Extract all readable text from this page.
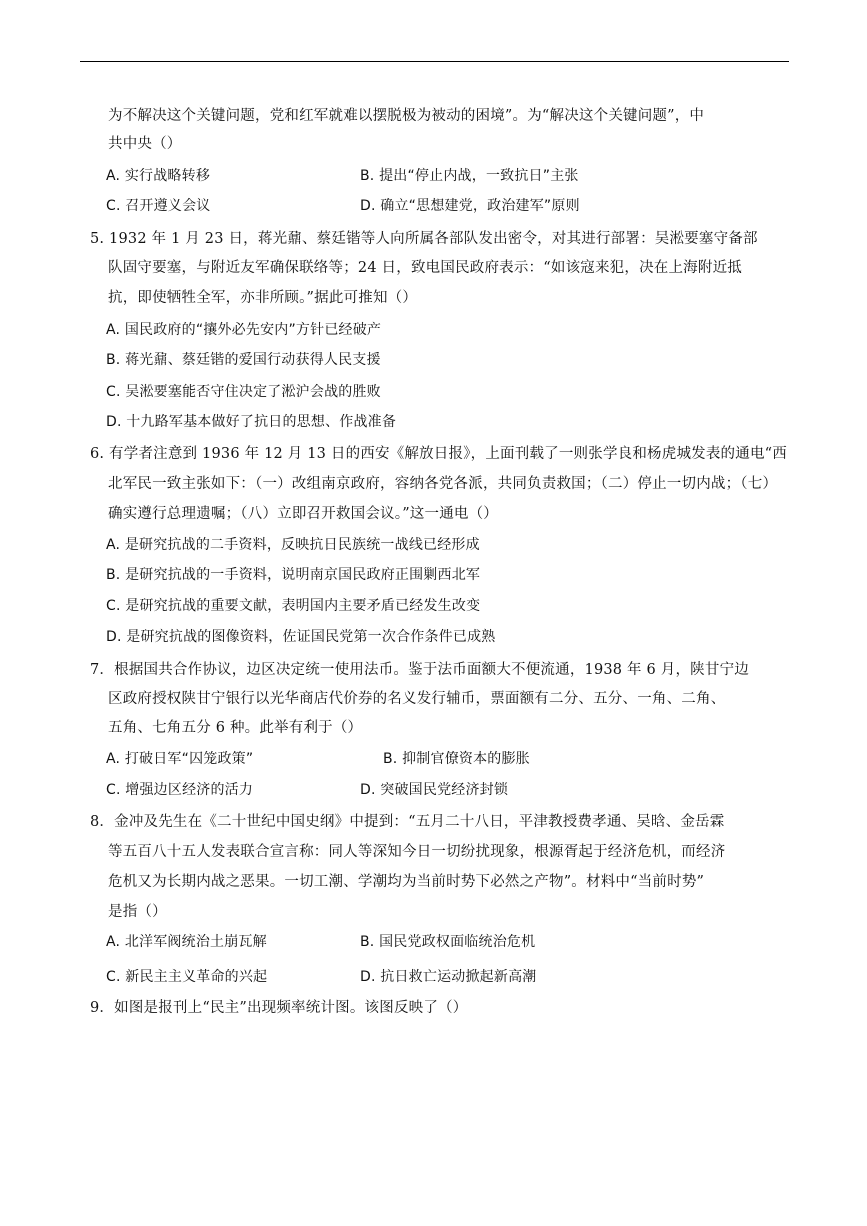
为不解决这个关键问题，党和红军就难以摆脱极为被动的困境”。为“解决这个关键问题”，中
共中央（）
A. 实行战略转移	B. 提出“停止内战，一致抗日”主张
C. 召开遵义会议	D. 确立“思想建党，政治建军”原则
5. 1932 年 1 月 23 日，蒋光鼐、蔡廷锴等人向所属各部队发出密令，对其进行部署：吴淞要塞守备部
队固守要塞，与附近友军确保联络等；24 日，致电国民政府表示：“如该寇来犯，决在上海附近抵
抗，即使牺牲全军，亦非所顾。”据此可推知（）
A. 国民政府的“攘外必先安内”方针已经破产
B. 蒋光鼐、蔡廷锴的爱国行动获得人民支援
C. 吴淞要塞能否守住决定了淞沪会战的胜败
D. 十九路军基本做好了抗日的思想、作战准备
6. 有学者注意到 1936 年 12 月 13 日的西安《解放日报》，上面刊载了一则张学良和杨虎城发表的通电“西
北军民一致主张如下：（一）改组南京政府，容纳各党各派，共同负责救国；（二）停止一切内战；（七）
确实遵行总理遗嘱；（八）立即召开救国会议。”这一通电（）
A. 是研究抗战的二手资料，反映抗日民族统一战线已经形成
B. 是研究抗战的一手资料，说明南京国民政府正围剿西北军
C. 是研究抗战的重要文献，表明国内主要矛盾已经发生改变
D. 是研究抗战的图像资料，佐证国民党第一次合作条件已成熟
7．根据国共合作协议，边区决定统一使用法币。鉴于法币面额大不便流通，1938 年 6 月，陕甘宁边
区政府授权陕甘宁银行以光华商店代价券的名义发行辅币，票面额有二分、五分、一角、二角、
五角、七角五分 6 种。此举有利于（）
A. 打破日军“囚笼政策”	B. 抑制官僚资本的膨胀
C. 增强边区经济的活力	D. 突破国民党经济封锁
8．金冲及先生在《二十世纪中国史纲》中提到：“五月二十八日，平津教授费孝通、吴晗、金岳霖
等五百八十五人发表联合宣言称：同人等深知今日一切纷扰现象，根源胥起于经济危机，而经济
危机又为长期内战之恶果。一切工潮、学潮均为当前时势下必然之产物”。材料中“当前时势”
是指（）
A. 北洋军阀统治土崩瓦解	B. 国民党政权面临统治危机
C. 新民主主义革命的兴起	D. 抗日救亡运动掀起新高潮
9．如图是报刊上“民主”出现频率统计图。该图反映了（）
